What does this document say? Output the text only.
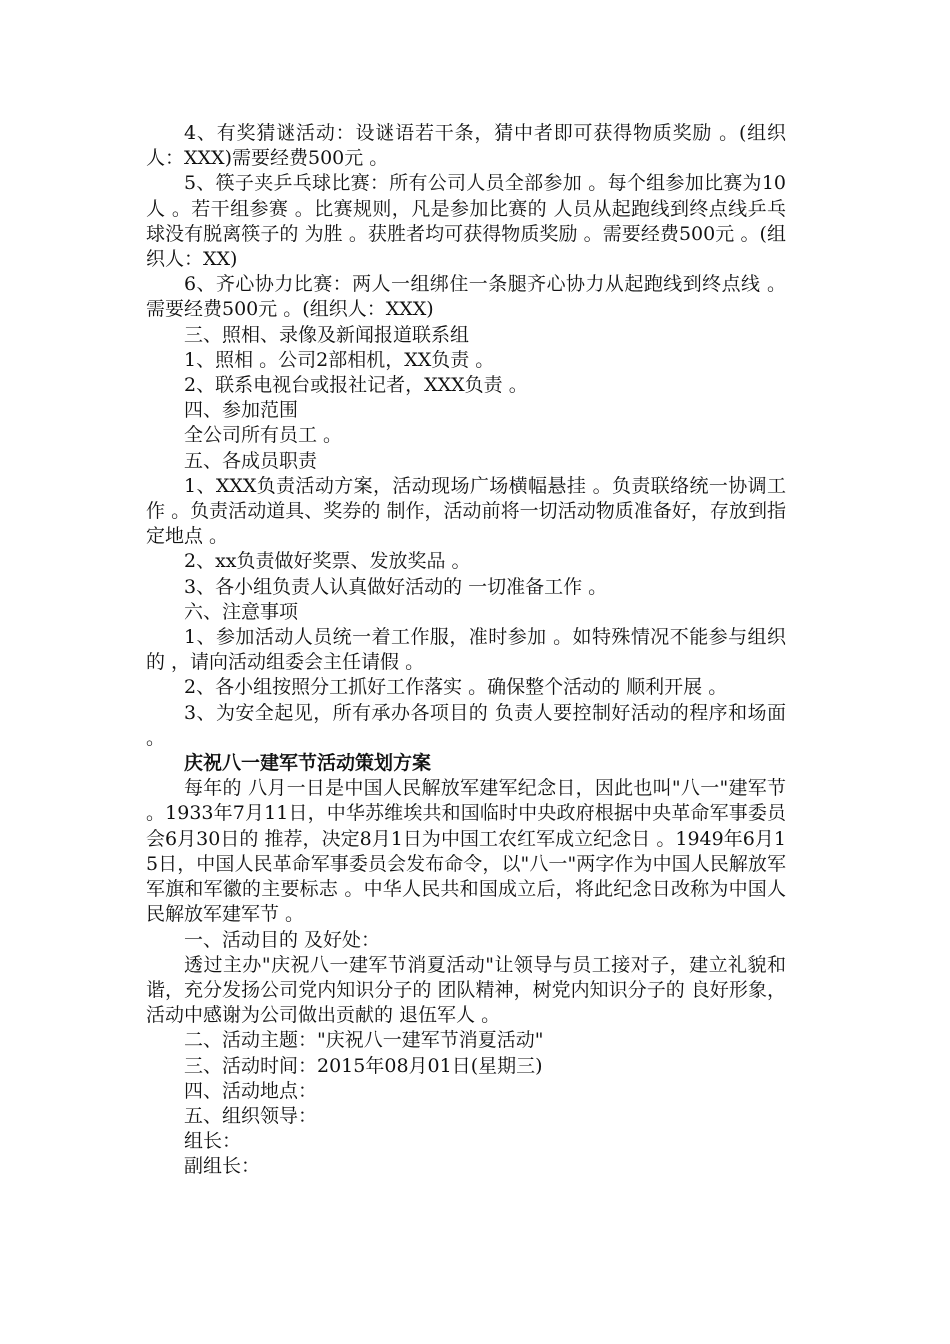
4、有奖猜谜活动：设谜语若干条，猜中者即可获得物质奖励 。(组织人：XXX)需要经费500元 。

5、筷子夹乒乓球比赛：所有公司人员全部参加 。每个组参加比赛为10人 。若干组参赛 。比赛规则，凡是参加比赛的 人员从起跑线到终点线乒乓球没有脱离筷子的 为胜 。获胜者均可获得物质奖励 。需要经费500元 。(组织人：XX)

6、齐心协力比赛：两人一组绑住一条腿齐心协力从起跑线到终点线 。需要经费500元 。(组织人：XXX)

三、照相、录像及新闻报道联系组

1、照相 。公司2部相机，XX负责 。

2、联系电视台或报社记者，XXX负责 。

四、参加范围

全公司所有员工 。

五、各成员职责

1、XXX负责活动方案，活动现场广场横幅悬挂 。负责联络统一协调工作 。负责活动道具、奖券的 制作，活动前将一切活动物质准备好，存放到指定地点 。

2、xx负责做好奖票、发放奖品 。

3、各小组负责人认真做好活动的 一切准备工作 。

六、注意事项

1、参加活动人员统一着工作服，准时参加 。如特殊情况不能参与组织的 ，请向活动组委会主任请假 。

2、各小组按照分工抓好工作落实 。确保整个活动的 顺利开展 。

3、为安全起见，所有承办各项目的 负责人要控制好活动的程序和场面 。

庆祝八一建军节活动策划方案

每年的 八月一日是中国人民解放军建军纪念日，因此也叫"八一"建军节 。1933年7月11日，中华苏维埃共和国临时中央政府根据中央革命军事委员会6月30日的 推荐，决定8月1日为中国工农红军成立纪念日 。1949年6月15日，中国人民革命军事委员会发布命令，以"八一"两字作为中国人民解放军军旗和军徽的主要标志 。中华人民共和国成立后，将此纪念日改称为中国人民解放军建军节 。

一、活动目的 及好处：

透过主办"庆祝八一建军节消夏活动"让领导与员工接对子，建立礼貌和谐，充分发扬公司党内知识分子的 团队精神，树党内知识分子的 良好形象，活动中感谢为公司做出贡献的 退伍军人 。

二、活动主题："庆祝八一建军节消夏活动"

三、活动时间：2015年08月01日(星期三)

四、活动地点：

五、组织领导：

组长：

副组长：
